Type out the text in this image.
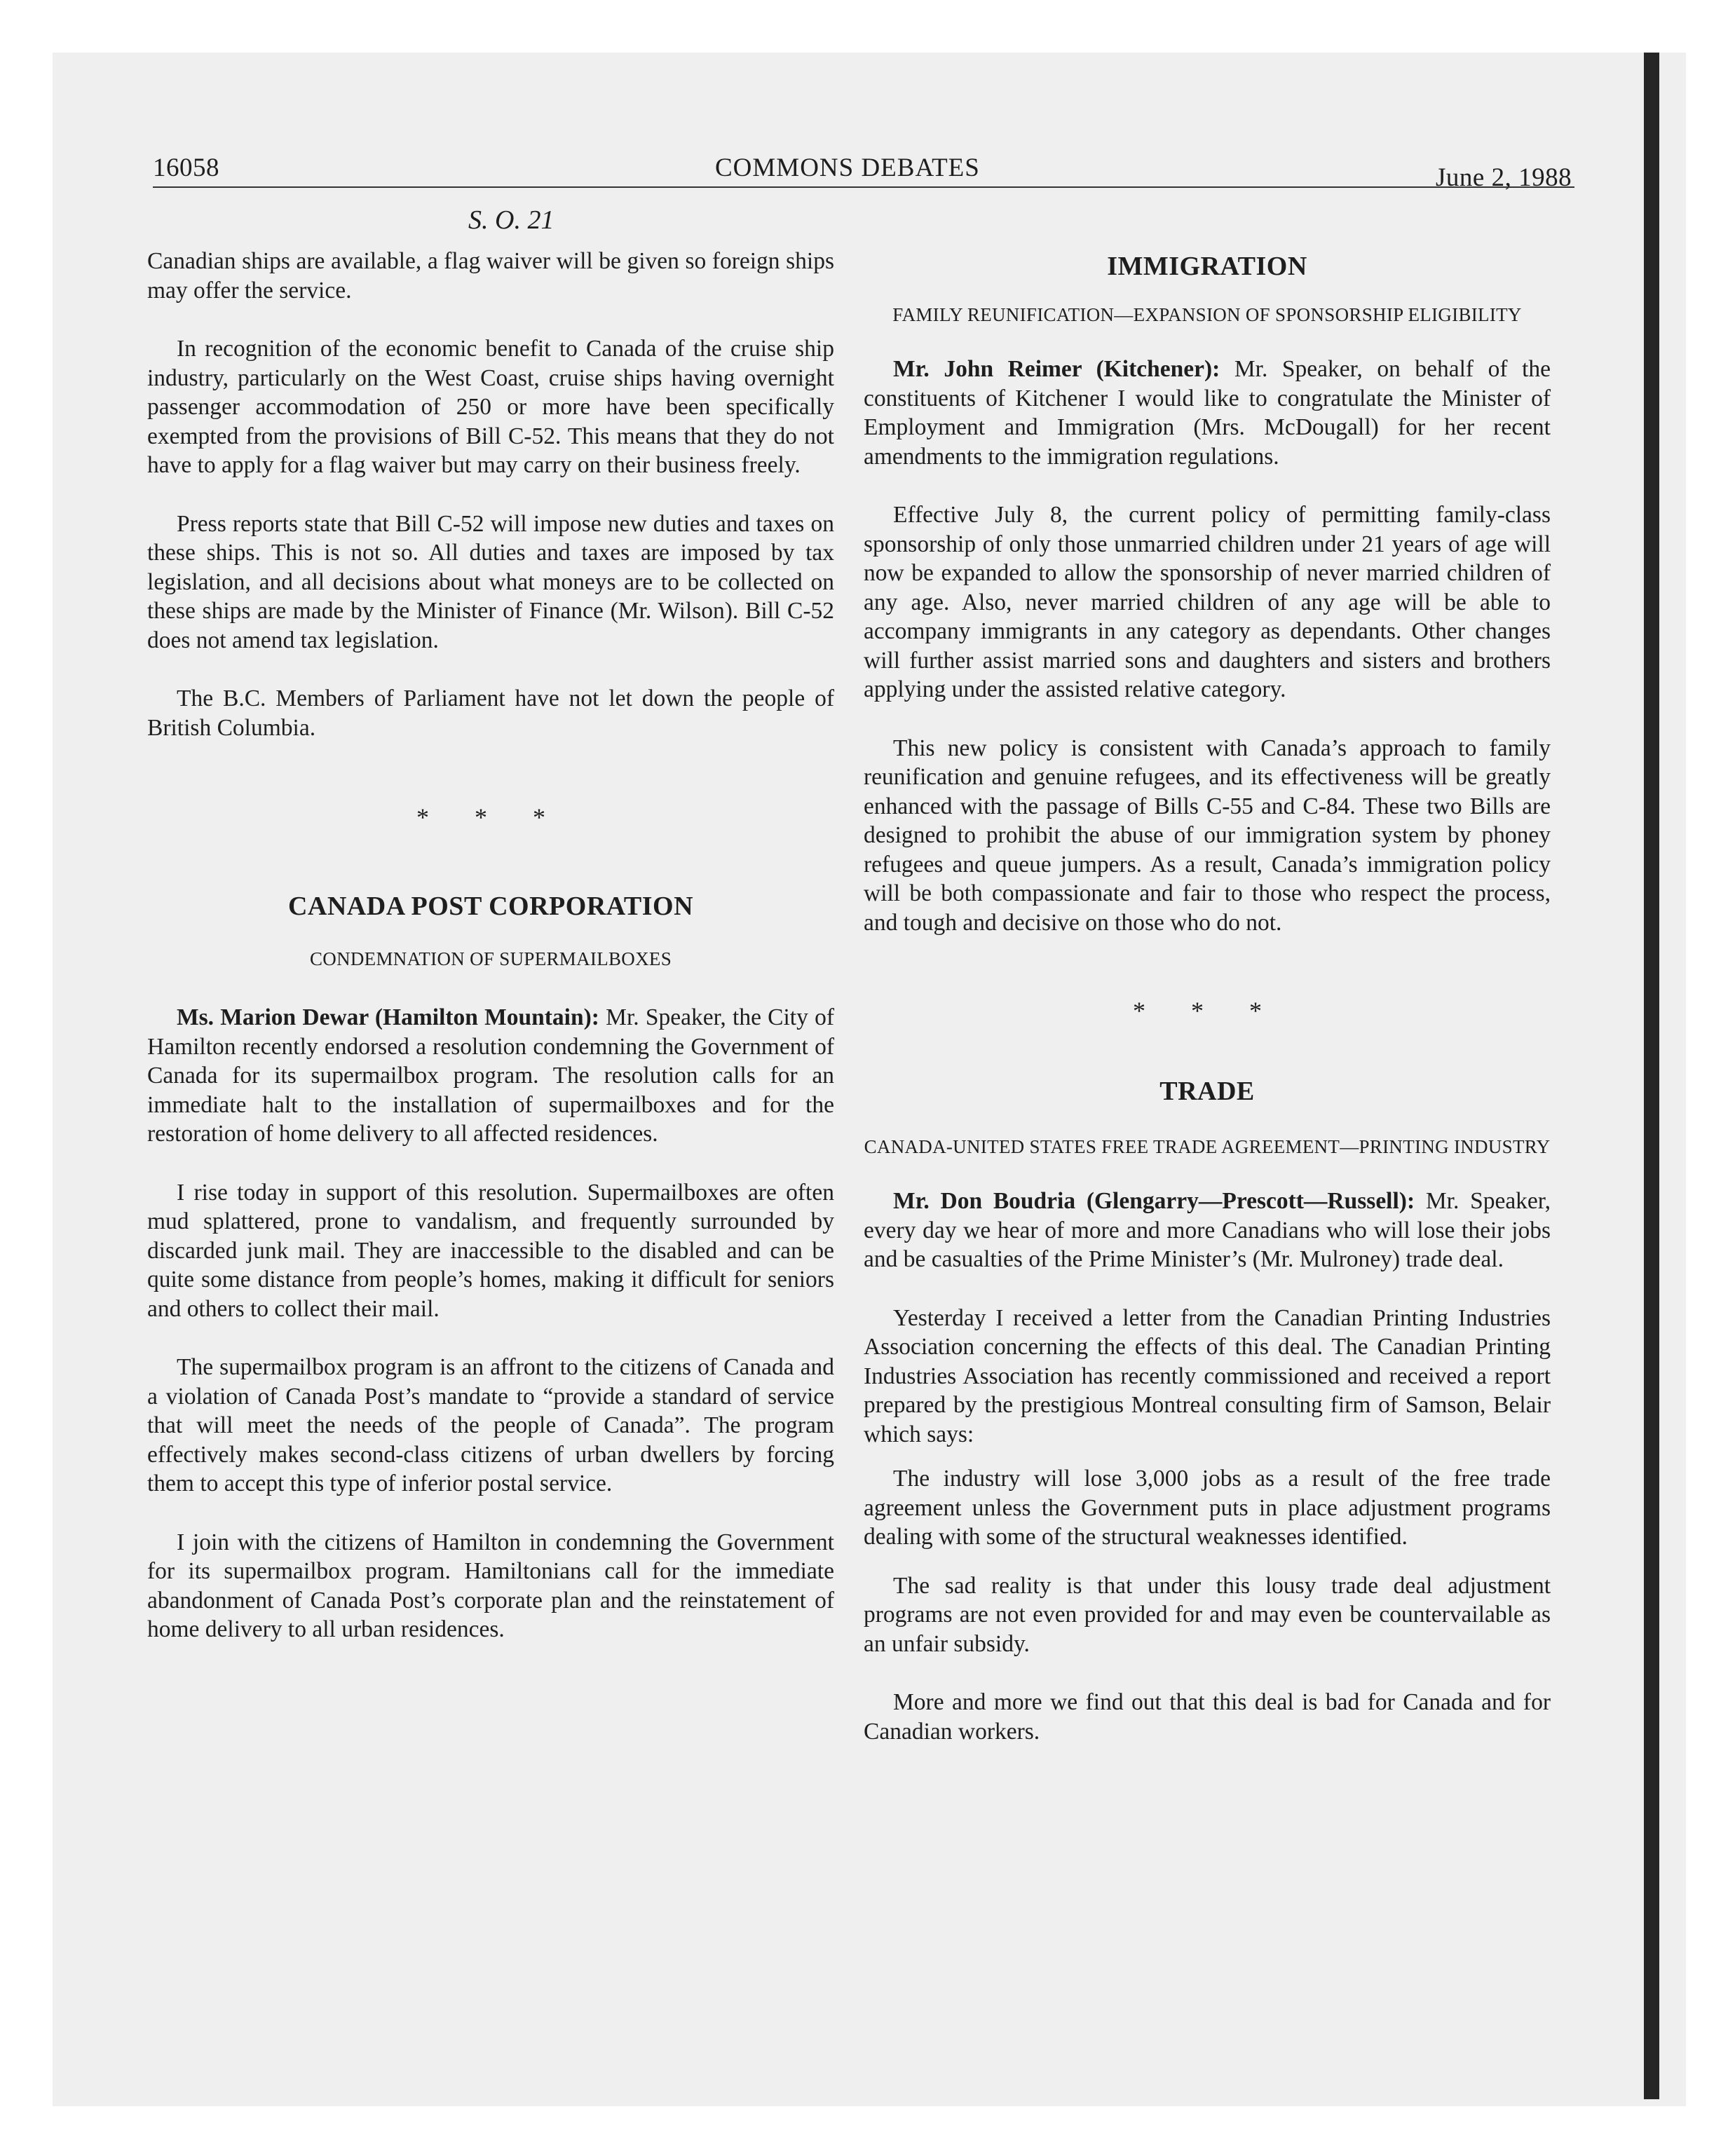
16058	COMMONS DEBATES	June 2, 1988
S. O. 21

Canadian ships are available, a flag waiver will be given so foreign ships may offer the service.

In recognition of the economic benefit to Canada of the cruise ship industry, particularly on the West Coast, cruise ships having overnight passenger accommodation of 250 or more have been specifically exempted from the provisions of Bill C-52. This means that they do not have to apply for a flag waiver but may carry on their business freely.

Press reports state that Bill C-52 will impose new duties and taxes on these ships. This is not so. All duties and taxes are imposed by tax legislation, and all decisions about what moneys are to be collected on these ships are made by the Minister of Finance (Mr. Wilson). Bill C-52 does not amend tax legislation.

The B.C. Members of Parliament have not let down the people of British Columbia.

* * *
CANADA POST CORPORATION
CONDEMNATION OF SUPERMAILBOXES

Ms. Marion Dewar (Hamilton Mountain): Mr. Speaker, the City of Hamilton recently endorsed a resolution condemning the Government of Canada for its supermailbox program. The resolution calls for an immediate halt to the installation of supermailboxes and for the restoration of home delivery to all affected residences.

I rise today in support of this resolution. Supermailboxes are often mud splattered, prone to vandalism, and frequently surrounded by discarded junk mail. They are inaccessible to the disabled and can be quite some distance from people’s homes, making it difficult for seniors and others to collect their mail.

The supermailbox program is an affront to the citizens of Canada and a violation of Canada Post’s mandate to “provide a standard of service that will meet the needs of the people of Canada”. The program effectively makes second-class citizens of urban dwellers by forcing them to accept this type of inferior postal service.

I join with the citizens of Hamilton in condemning the Government for its supermailbox program. Hamiltonians call for the immediate abandonment of Canada Post’s corporate plan and the reinstatement of home delivery to all urban residences.

IMMIGRATION
FAMILY REUNIFICATION—EXPANSION OF SPONSORSHIP ELIGIBILITY

Mr. John Reimer (Kitchener): Mr. Speaker, on behalf of the constituents of Kitchener I would like to congratulate the Minister of Employment and Immigration (Mrs. McDougall) for her recent amendments to the immigration regulations.

Effective July 8, the current policy of permitting family-class sponsorship of only those unmarried children under 21 years of age will now be expanded to allow the sponsorship of never married children of any age. Also, never married children of any age will be able to accompany immigrants in any category as dependants. Other changes will further assist married sons and daughters and sisters and brothers applying under the assisted relative category.

This new policy is consistent with Canada’s approach to family reunification and genuine refugees, and its effectiveness will be greatly enhanced with the passage of Bills C-55 and C-84. These two Bills are designed to prohibit the abuse of our immigration system by phoney refugees and queue jumpers. As a result, Canada’s immigration policy will be both compassionate and fair to those who respect the process, and tough and decisive on those who do not.

* * *
TRADE
CANADA-UNITED STATES FREE TRADE AGREEMENT—PRINTING INDUSTRY

Mr. Don Boudria (Glengarry—Prescott—Russell): Mr. Speaker, every day we hear of more and more Canadians who will lose their jobs and be casualties of the Prime Minister’s (Mr. Mulroney) trade deal.

Yesterday I received a letter from the Canadian Printing Industries Association concerning the effects of this deal. The Canadian Printing Industries Association has recently commissioned and received a report prepared by the prestigious Montreal consulting firm of Samson, Belair which says:

The industry will lose 3,000 jobs as a result of the free trade agreement unless the Government puts in place adjustment programs dealing with some of the structural weaknesses identified.

The sad reality is that under this lousy trade deal adjustment programs are not even provided for and may even be countervailable as an unfair subsidy.

More and more we find out that this deal is bad for Canada and for Canadian workers.
